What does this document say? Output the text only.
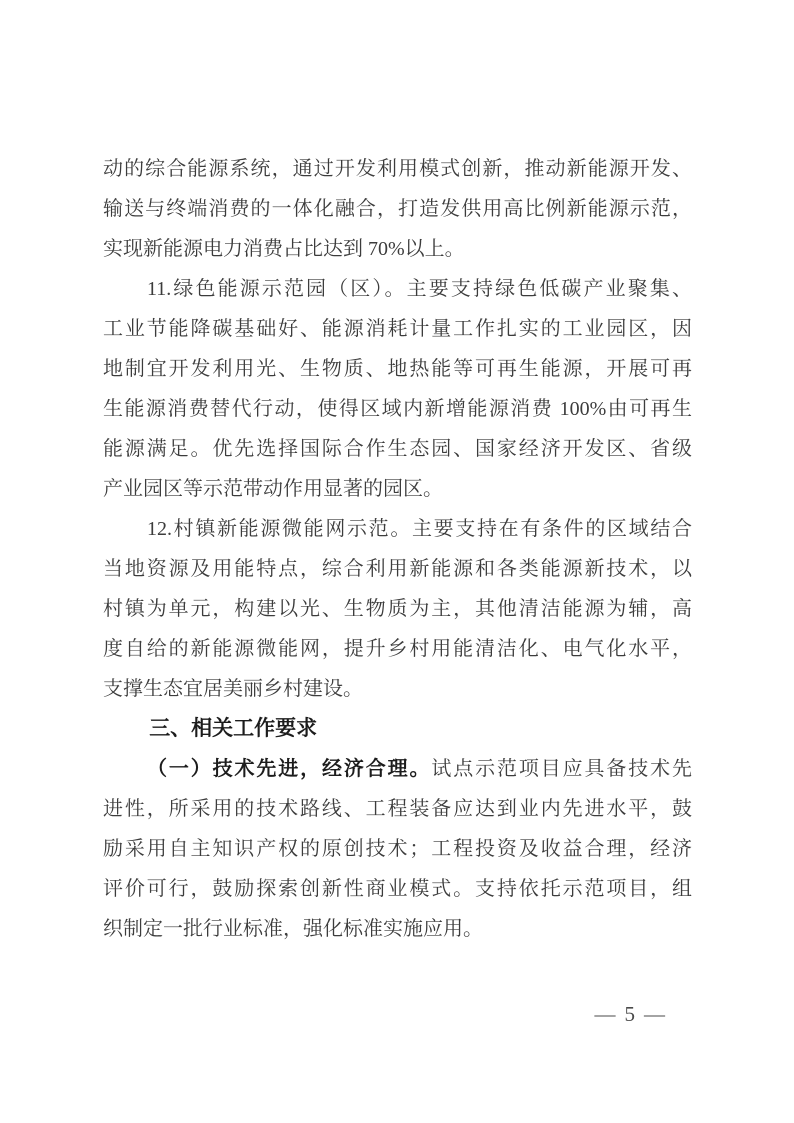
动的综合能源系统，通过开发利用模式创新，推动新能源开发、
输送与终端消费的一体化融合，打造发供用高比例新能源示范，
实现新能源电力消费占比达到 70%以上。
11.绿色能源示范园（区）。主要支持绿色低碳产业聚集、
工业节能降碳基础好、能源消耗计量工作扎实的工业园区，因
地制宜开发利用光、生物质、地热能等可再生能源，开展可再
生能源消费替代行动，使得区域内新增能源消费 100%由可再生
能源满足。优先选择国际合作生态园、国家经济开发区、省级
产业园区等示范带动作用显著的园区。
12.村镇新能源微能网示范。主要支持在有条件的区域结合
当地资源及用能特点，综合利用新能源和各类能源新技术，以
村镇为单元，构建以光、生物质为主，其他清洁能源为辅，高
度自给的新能源微能网，提升乡村用能清洁化、电气化水平，
支撑生态宜居美丽乡村建设。
三、相关工作要求
（一）技术先进，经济合理。试点示范项目应具备技术先
进性，所采用的技术路线、工程装备应达到业内先进水平，鼓
励采用自主知识产权的原创技术；工程投资及收益合理，经济
评价可行，鼓励探索创新性商业模式。支持依托示范项目，组
织制定一批行业标准，强化标准实施应用。
— 5 —
